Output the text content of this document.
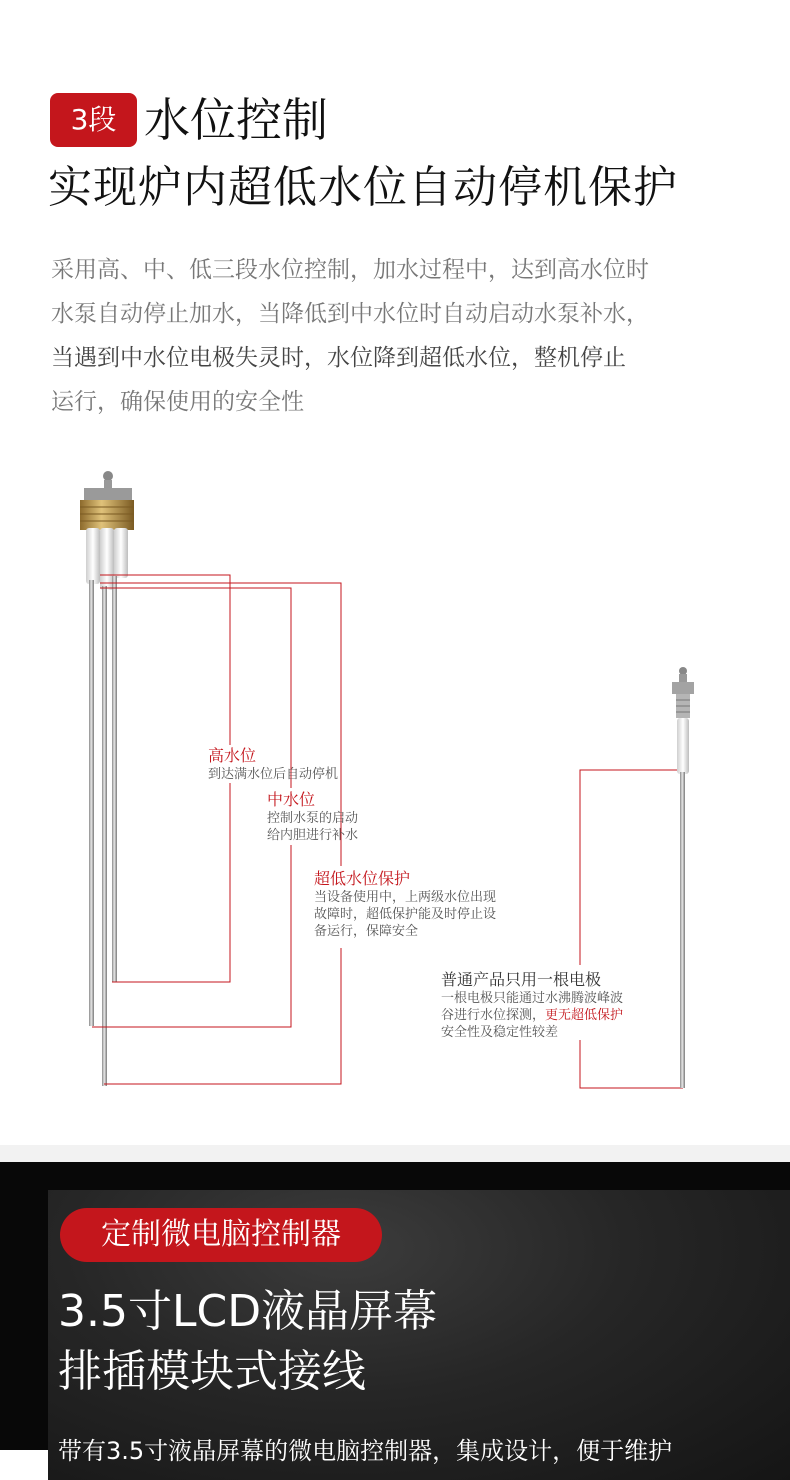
3段 水位控制
实现炉内超低水位自动停机保护
采用高、中、低三段水位控制，加水过程中，达到高水位时
水泵自动停止加水，当降低到中水位时自动启动水泵补水，
当遇到中水位电极失灵时，水位降到超低水位，整机停止
运行，确保使用的安全性
高水位
到达满水位后自动停机
中水位
控制水泵的启动
给内胆进行补水
超低水位保护
当设备使用中，上两级水位出现
故障时，超低保护能及时停止设
备运行，保障安全
普通产品只用一根电极
一根电极只能通过水沸腾波峰波
谷进行水位探测，更无超低保护
安全性及稳定性较差
定制微电脑控制器
3.5寸LCD液晶屏幕
排插模块式接线
带有3.5寸液晶屏幕的微电脑控制器，集成设计，便于维护
